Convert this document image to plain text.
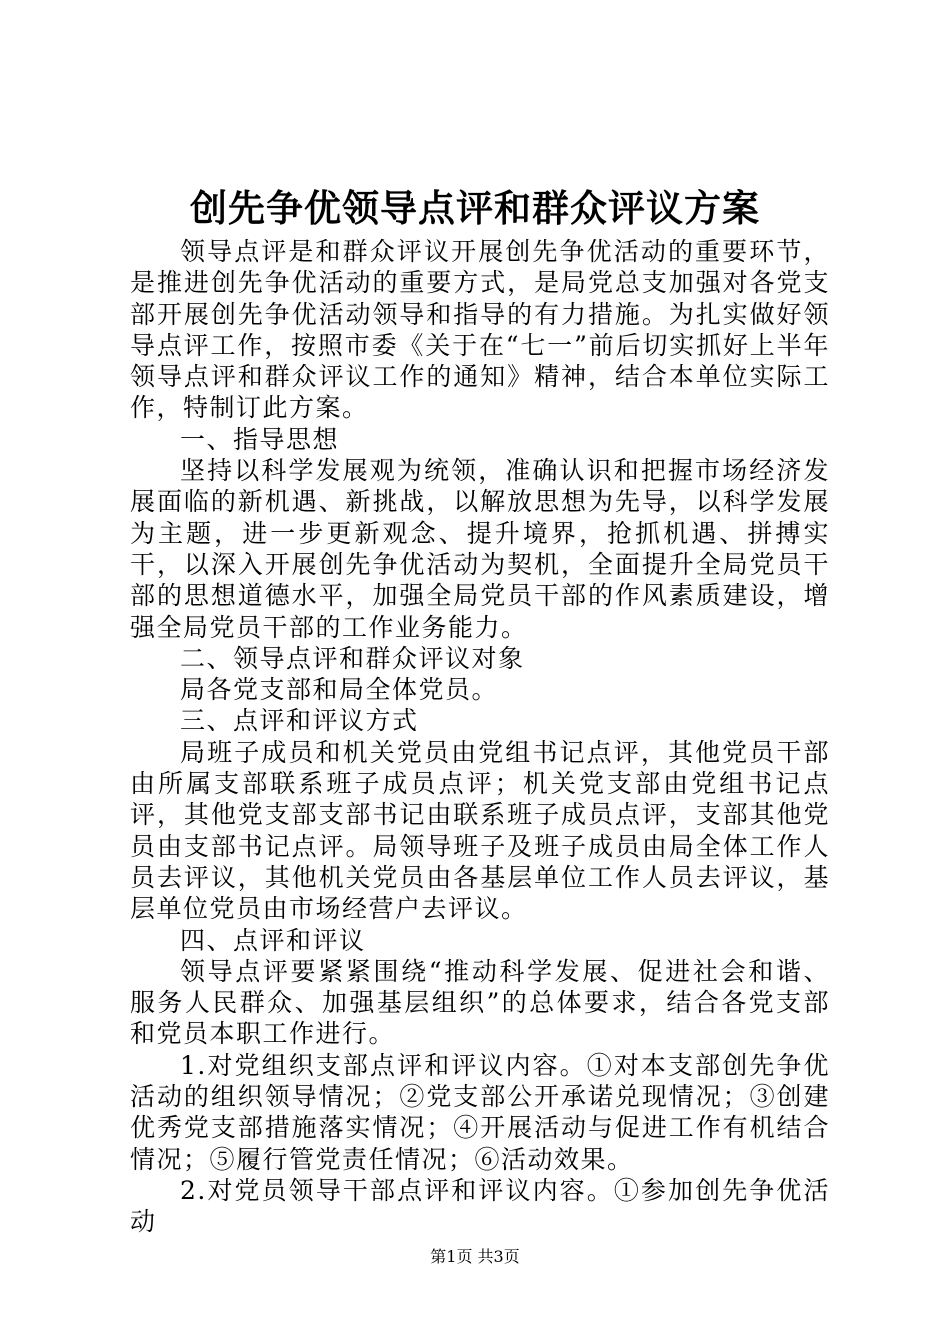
创先争优领导点评和群众评议方案

领导点评是和群众评议开展创先争优活动的重要环节，是推进创先争优活动的重要方式，是局党总支加强对各党支部开展创先争优活动领导和指导的有力措施。为扎实做好领导点评工作，按照市委《关于在“七一”前后切实抓好上半年领导点评和群众评议工作的通知》精神，结合本单位实际工作，特制订此方案。

一、指导思想

坚持以科学发展观为统领，准确认识和把握市场经济发展面临的新机遇、新挑战，以解放思想为先导，以科学发展为主题，进一步更新观念、提升境界，抢抓机遇、拼搏实干，以深入开展创先争优活动为契机，全面提升全局党员干部的思想道德水平，加强全局党员干部的作风素质建设，增强全局党员干部的工作业务能力。

二、领导点评和群众评议对象

局各党支部和局全体党员。

三、点评和评议方式

局班子成员和机关党员由党组书记点评，其他党员干部由所属支部联系班子成员点评；机关党支部由党组书记点评，其他党支部支部书记由联系班子成员点评，支部其他党员由支部书记点评。局领导班子及班子成员由局全体工作人员去评议，其他机关党员由各基层单位工作人员去评议，基层单位党员由市场经营户去评议。

四、点评和评议

领导点评要紧紧围绕“推动科学发展、促进社会和谐、服务人民群众、加强基层组织”的总体要求，结合各党支部和党员本职工作进行。

1.对党组织支部点评和评议内容。①对本支部创先争优活动的组织领导情况；②党支部公开承诺兑现情况；③创建优秀党支部措施落实情况；④开展活动与促进工作有机结合情况；⑤履行管党责任情况；⑥活动效果。

2.对党员领导干部点评和评议内容。①参加创先争优活动

第1页 共3页
